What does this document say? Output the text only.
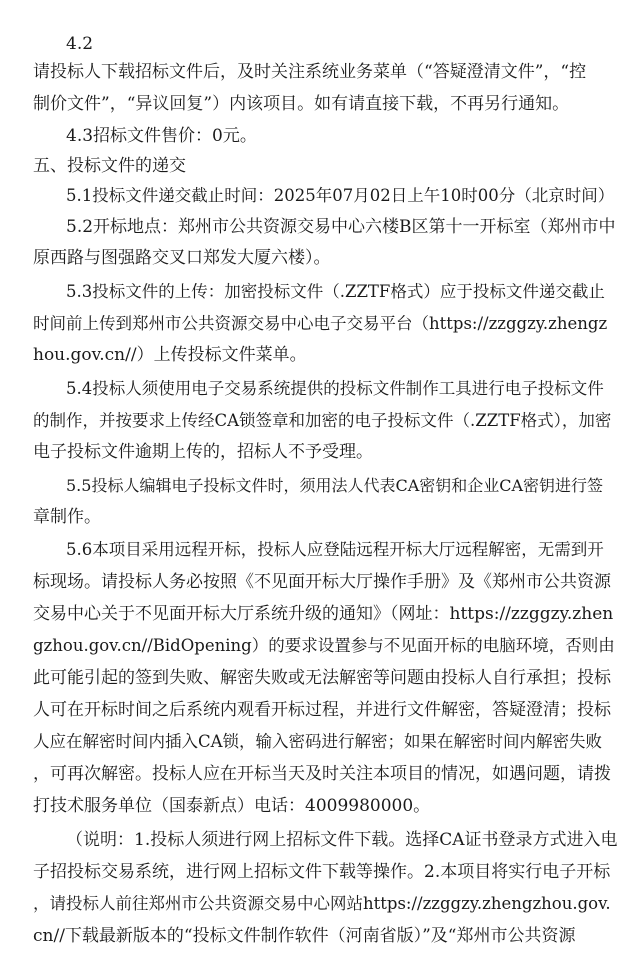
4.2
请投标人下载招标文件后，及时关注系统业务菜单（“答疑澄清文件”，“控
制价文件”，“异议回复”）内该项目。如有请直接下载，不再另行通知。
4.3招标文件售价：0元。
五、投标文件的递交
5.1投标文件递交截止时间：2025年07月02日上午10时00分（北京时间）
5.2开标地点：郑州市公共资源交易中心六楼B区第十一开标室（郑州市中
原西路与图强路交叉口郑发大厦六楼）。
5.3投标文件的上传：加密投标文件（.ZZTF格式）应于投标文件递交截止
时间前上传到郑州市公共资源交易中心电子交易平台（https://zzggzy.zhengz
hou.gov.cn//）上传投标文件菜单。
5.4投标人须使用电子交易系统提供的投标文件制作工具进行电子投标文件
的制作，并按要求上传经CA锁签章和加密的电子投标文件（.ZZTF格式），加密
电子投标文件逾期上传的，招标人不予受理。
5.5投标人编辑电子投标文件时，须用法人代表CA密钥和企业CA密钥进行签
章制作。
5.6本项目采用远程开标，投标人应登陆远程开标大厅远程解密，无需到开
标现场。请投标人务必按照《不见面开标大厅操作手册》及《郑州市公共资源
交易中心关于不见面开标大厅系统升级的通知》（网址：https://zzggzy.zhen
gzhou.gov.cn//BidOpening）的要求设置参与不见面开标的电脑环境，否则由
此可能引起的签到失败、解密失败或无法解密等问题由投标人自行承担；投标
人可在开标时间之后系统内观看开标过程，并进行文件解密，答疑澄清；投标
人应在解密时间内插入CA锁，输入密码进行解密；如果在解密时间内解密失败
，可再次解密。投标人应在开标当天及时关注本项目的情况，如遇问题，请拨
打技术服务单位（国泰新点）电话：4009980000。
（说明：1.投标人须进行网上招标文件下载。选择CA证书登录方式进入电
子招投标交易系统，进行网上招标文件下载等操作。2.本项目将实行电子开标
，请投标人前往郑州市公共资源交易中心网站https://zzggzy.zhengzhou.gov.
cn//下载最新版本的“投标文件制作软件（河南省版）”及“郑州市公共资源
